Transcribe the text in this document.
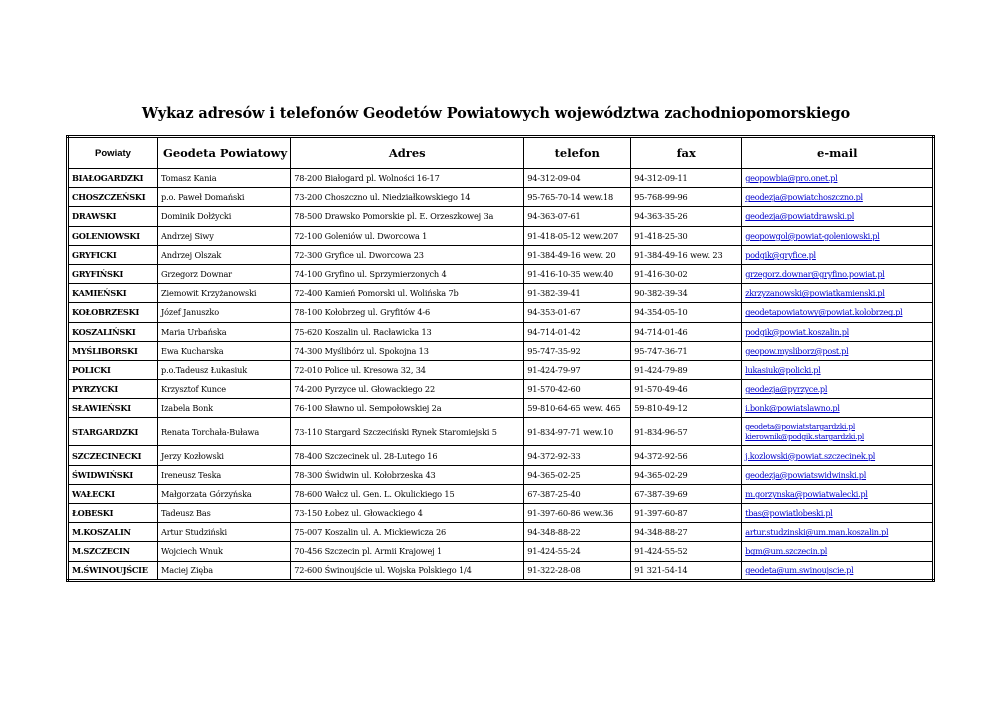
Wykaz adresów i telefonów Geodetów Powiatowych województwa zachodniopomorskiego
Powiaty	Geodeta Powiatowy	Adres	telefon	fax	e-mail
BIAŁOGARDZKI	Tomasz Kania	78-200 Białogard pl. Wolności 16-17	94-312-09-04	94-312-09-11	geopowbia@pro.onet.pl
CHOSZCZEŃSKI	p.o. Paweł Domański	73-200 Choszczno ul. Niedziałkowskiego 14	95-765-70-14 wew.18	95-768-99-96	geodezja@powiatchoszczno.pl
DRAWSKI	Dominik Dołżycki	78-500 Drawsko Pomorskie pl. E. Orzeszkowej 3a	94-363-07-61	94-363-35-26	geodezja@powiatdrawski.pl
GOLENIOWSKI	Andrzej Siwy	72-100 Goleniów ul. Dworcowa 1	91-418-05-12 wew.207	91-418-25-30	geopowgol@powiat-goleniowski.pl
GRYFICKI	Andrzej Olszak	72-300 Gryfice ul. Dworcowa 23	91-384-49-16 wew. 20	91-384-49-16 wew. 23	podgik@gryfice.pl
GRYFIŃSKI	Grzegorz Downar	74-100 Gryfino ul. Sprzymierzonych 4	91-416-10-35 wew.40	91-416-30-02	grzegorz.downar@gryfino.powiat.pl
KAMIEŃSKI	Ziemowit Krzyżanowski	72-400 Kamień Pomorski ul. Wolińska 7b	91-382-39-41	90-382-39-34	zkrzyzanowski@powiatkamienski.pl
KOŁOBRZESKI	Józef Januszko	78-100 Kołobrzeg ul. Gryfitów 4-6	94-353-01-67	94-354-05-10	geodetapowiatowy@powiat.kolobrzeg.pl
KOSZALIŃSKI	Maria Urbańska	75-620 Koszalin ul. Racławicka 13	94-714-01-42	94-714-01-46	podgik@powiat.koszalin.pl
MYŚLIBORSKI	Ewa Kucharska	74-300 Myślibórz ul. Spokojna 13	95-747-35-92	95-747-36-71	geopow.mysliborz@post.pl
POLICKI	p.o.Tadeusz Łukasiuk	72-010 Police ul. Kresowa 32, 34	91-424-79-97	91-424-79-89	lukasiuk@policki.pl
PYRZYCKI	Krzysztof Kunce	74-200 Pyrzyce ul. Głowackiego 22	91-570-42-60	91-570-49-46	geodezja@pyrzyce.pl
SŁAWIEŃSKI	Izabela Bonk	76-100 Sławno ul. Sempołowskiej 2a	59-810-64-65 wew. 465	59-810-49-12	i.bonk@powiatslawno.pl
STARGARDZKI	Renata Torchała-Buława	73-110 Stargard Szczeciński Rynek Staromiejski 5	91-834-97-71 wew.10	91-834-96-57	geodeta@powiatstargardzki.pl
kierownik@podgik.stargardzki.pl

SZCZECINECKI	Jerzy Kozłowski	78-400 Szczecinek ul. 28-Lutego 16	94-372-92-33	94-372-92-56	j.kozlowski@powiat.szczecinek.pl
ŚWIDWIŃSKI	Ireneusz Teska	78-300 Świdwin ul. Kołobrzeska 43	94-365-02-25	94-365-02-29	geodezja@powiatswidwinski.pl
WAŁECKI	Małgorzata Górzyńska	78-600 Wałcz ul. Gen. L. Okulickiego 15	67-387-25-40	67-387-39-69	m.gorzynska@powiatwalecki.pl
ŁOBESKI	Tadeusz Bas	73-150 Łobez ul. Głowackiego 4	91-397-60-86 wew.36	91-397-60-87	tbas@powiatlobeski.pl
M.KOSZALIN	Artur Studziński	75-007 Koszalin ul. A. Mickiewicza 26	94-348-88-22	94-348-88-27	artur.studzinski@um.man.koszalin.pl
M.SZCZECIN	Wojciech Wnuk	70-456 Szczecin pl. Armii Krajowej 1	91-424-55-24	91-424-55-52	bgm@um.szczecin.pl
M.ŚWINOUJŚCIE	Maciej Zięba	72-600 Świnoujście ul. Wojska Polskiego 1/4	91-322-28-08	91 321-54-14	geodeta@um.swinoujscie.pl
